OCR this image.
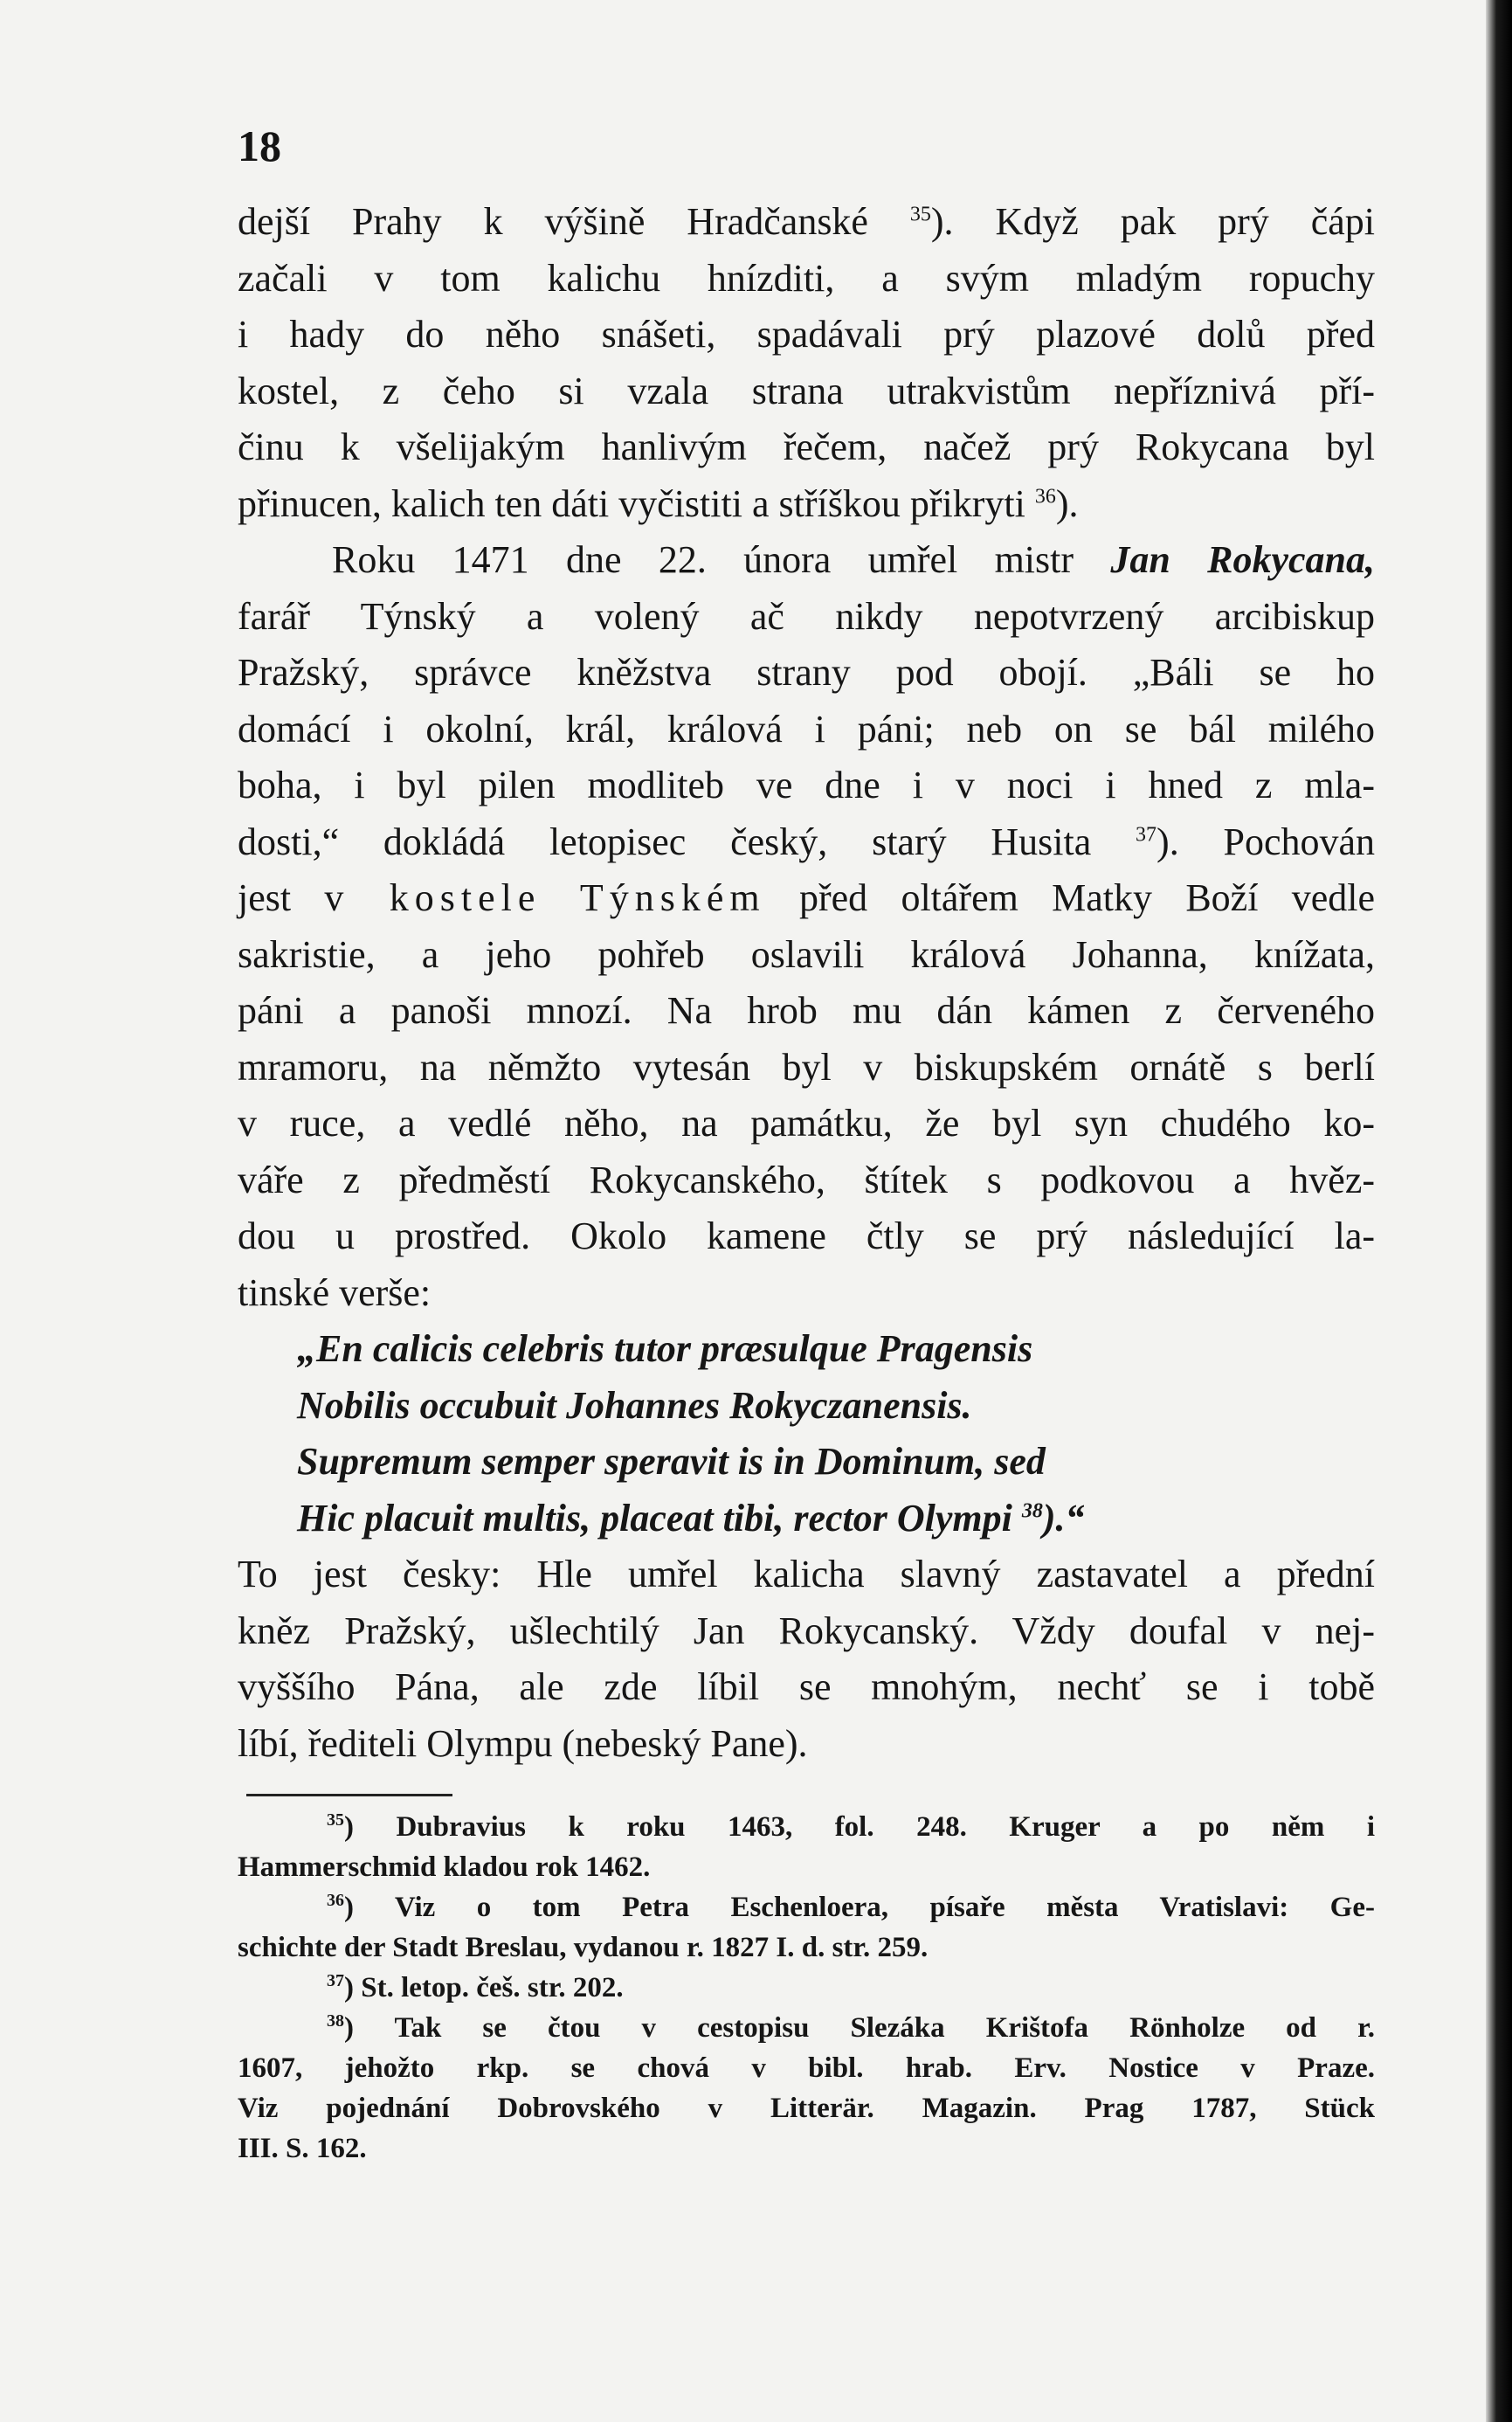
18
dejší Prahy k výšině Hradčanské $^{35}$). Když pak prý čápi
začali v tom kalichu hnízditi, a svým mladým ropuchy
i hady do něho snášeti, spadávali prý plazové dolů před
kostel, z čeho si vzala strana utrakvistům nepříznivá pří-
činu k všelijakým hanlivým řečem, načež prý Rokycana byl
přinucen, kalich ten dáti vyčistiti a stříškou přikryti $^{36}$).
Roku 1471 dne 22. února umřel mistr Jan Rokycana,
farář Týnský a volený ač nikdy nepotvrzený arcibiskup
Pražský, správce kněžstva strany pod obojí. „Báli se ho
domácí i okolní, král, králová i páni; neb on se bál milého
boha, i byl pilen modliteb ve dne i v noci i hned z mla-
dosti,“ dokládá letopisec český, starý Husita $^{37}$). Pochován
jest v kostele Týnském před oltářem Matky Boží vedle
sakristie, a jeho pohřeb oslavili králová Johanna, knížata,
páni a panoši mnozí. Na hrob mu dán kámen z červeného
mramoru, na němžto vytesán byl v biskupském ornátě s berlí
v ruce, a vedlé něho, na památku, že byl syn chudého ko-
váře z předměstí Rokycanského, štítek s podkovou a hvěz-
dou u prostřed. Okolo kamene čtly se prý následující la-
tinské verše:
„En calicis celebris tutor præsulque Pragensis
Nobilis occubuit Johannes Rokyczanensis.
Supremum semper speravit is in Dominum, sed
Hic placuit multis, placeat tibi, rector Olympi $^{38}$).“
To jest česky: Hle umřel kalicha slavný zastavatel a přední
kněz Pražský, ušlechtilý Jan Rokycanský. Vždy doufal v nej-
vyššího Pána, ale zde líbil se mnohým, nechť se i tobě
líbí, řediteli Olympu (nebeský Pane).
$^{35}$) Dubravius k roku 1463, fol. 248. Kruger a po něm i
Hammerschmid kladou rok 1462.
$^{36}$) Viz o tom Petra Eschenloera, písaře města Vratislavi: Ge-
schichte der Stadt Breslau, vydanou r. 1827 I. d. str. 259.
$^{37}$) St. letop. češ. str. 202.
$^{38}$) Tak se čtou v cestopisu Slezáka Krištofa Rönholze od r.
1607, jehožto rkp. se chová v bibl. hrab. Erv. Nostice v Praze.
Viz pojednání Dobrovského v Litterär. Magazin. Prag 1787, Stück
III. S. 162.
